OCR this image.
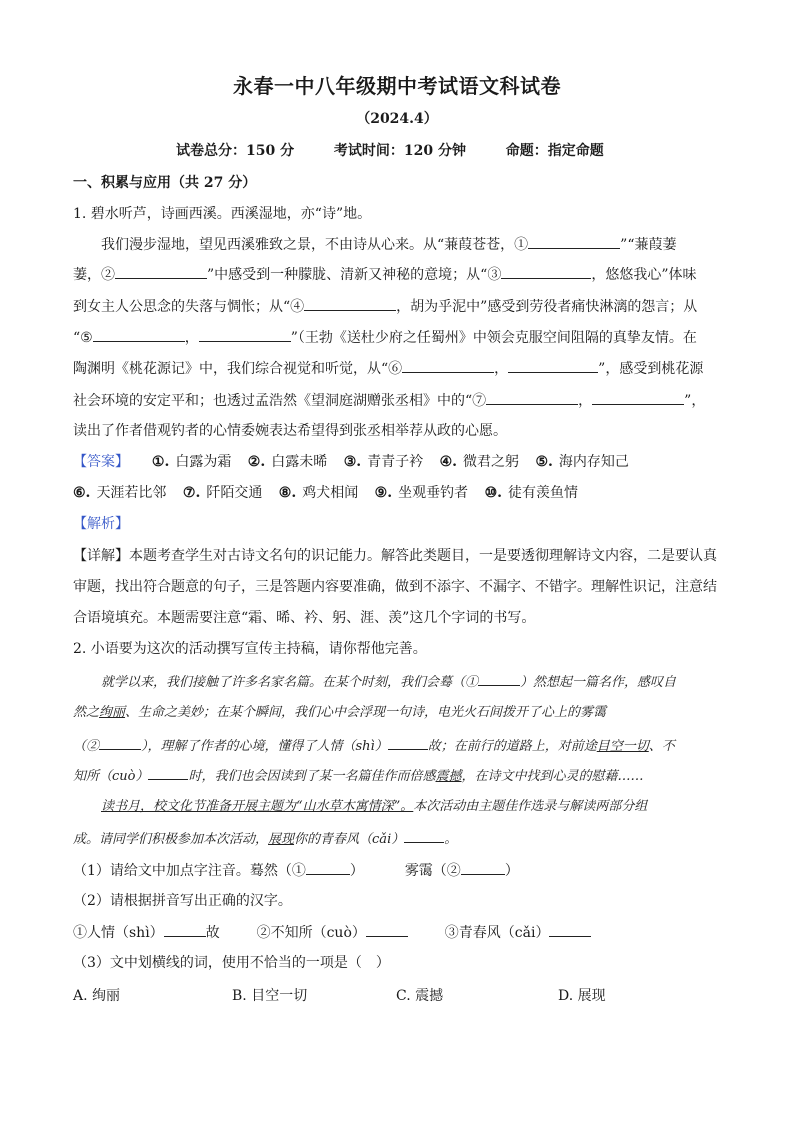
永春一中八年级期中考试语文科试卷
（2024.4）
试卷总分：150 分	考试时间：120 分钟	命题：指定命题
一、积累与应用（共 27 分）
1. 碧水听芦，诗画西溪。西溪湿地，亦“诗”地。
我们漫步湿地，望见西溪雅致之景，不由诗从心来。从“蒹葭苍苍，①	”“蒹葭萋
萋，②	”中感受到一种朦胧、清新又神秘的意境；从“③	，悠悠我心”体味
到女主人公思念的失落与惆怅；从“④	，胡为乎泥中”感受到劳役者痛快淋漓的怨言；从
“⑤	，	”（王勃《送杜少府之任蜀州》中领会克服空间阻隔的真挚友情。在
陶渊明《桃花源记》中，我们综合视觉和听觉，从“⑥	，	”，感受到桃花源
社会环境的安定平和；也透过孟浩然《望洞庭湖赠张丞相》中的“⑦	，	”，
读出了作者借观钓者的心情委婉表达希望得到张丞相举荐从政的心愿。
【答案】 ①. 白露为霜 ②. 白露未晞 ③. 青青子衿 ④. 微君之躬 ⑤. 海内存知己
⑥. 天涯若比邻 ⑦. 阡陌交通 ⑧. 鸡犬相闻 ⑨. 坐观垂钓者 ⑩. 徒有羡鱼情
【解析】
【详解】本题考查学生对古诗文名句的识记能力。解答此类题目，一是要透彻理解诗文内容，二是要认真
审题，找出符合题意的句子，三是答题内容要准确，做到不添字、不漏字、不错字。理解性识记，注意结
合语境填充。本题需要注意“霜、晞、衿、躬、涯、羡”这几个字词的书写。
2. 小语要为这次的活动撰写宣传主持稿，请你帮他完善。
就学以来，我们接触了许多名家名篇。在某个时刻，我们会蓦（①	）然想起一篇名作，感叹自
然之绚丽、生命之美妙；在某个瞬间，我们心中会浮现一句诗，电光火石间拨开了心上的雾霭
（②	），理解了作者的心境，懂得了人情（shì）	故；在前行的道路上，对前途目空一切、不
知所（cuò）	时，我们也会因读到了某一名篇佳作而倍感震撼，在诗文中找到心灵的慰藉……
读书月，校文化节准备开展主题为“山水草木寓情深”。本次活动由主题佳作选录与解读两部分组
成。请同学们积极参加本次活动，展现你的青春风（cǎi）	。
（1）请给文中加点字注音。蓦然（①	）	雾霭（②	）
（2）请根据拼音写出正确的汉字。
①人情（shì）	故	②不知所（cuò）	③青春风（cǎi）
（3）文中划横线的词，使用不恰当的一项是（　）
A. 绚丽	B. 目空一切	C. 震撼	D. 展现
